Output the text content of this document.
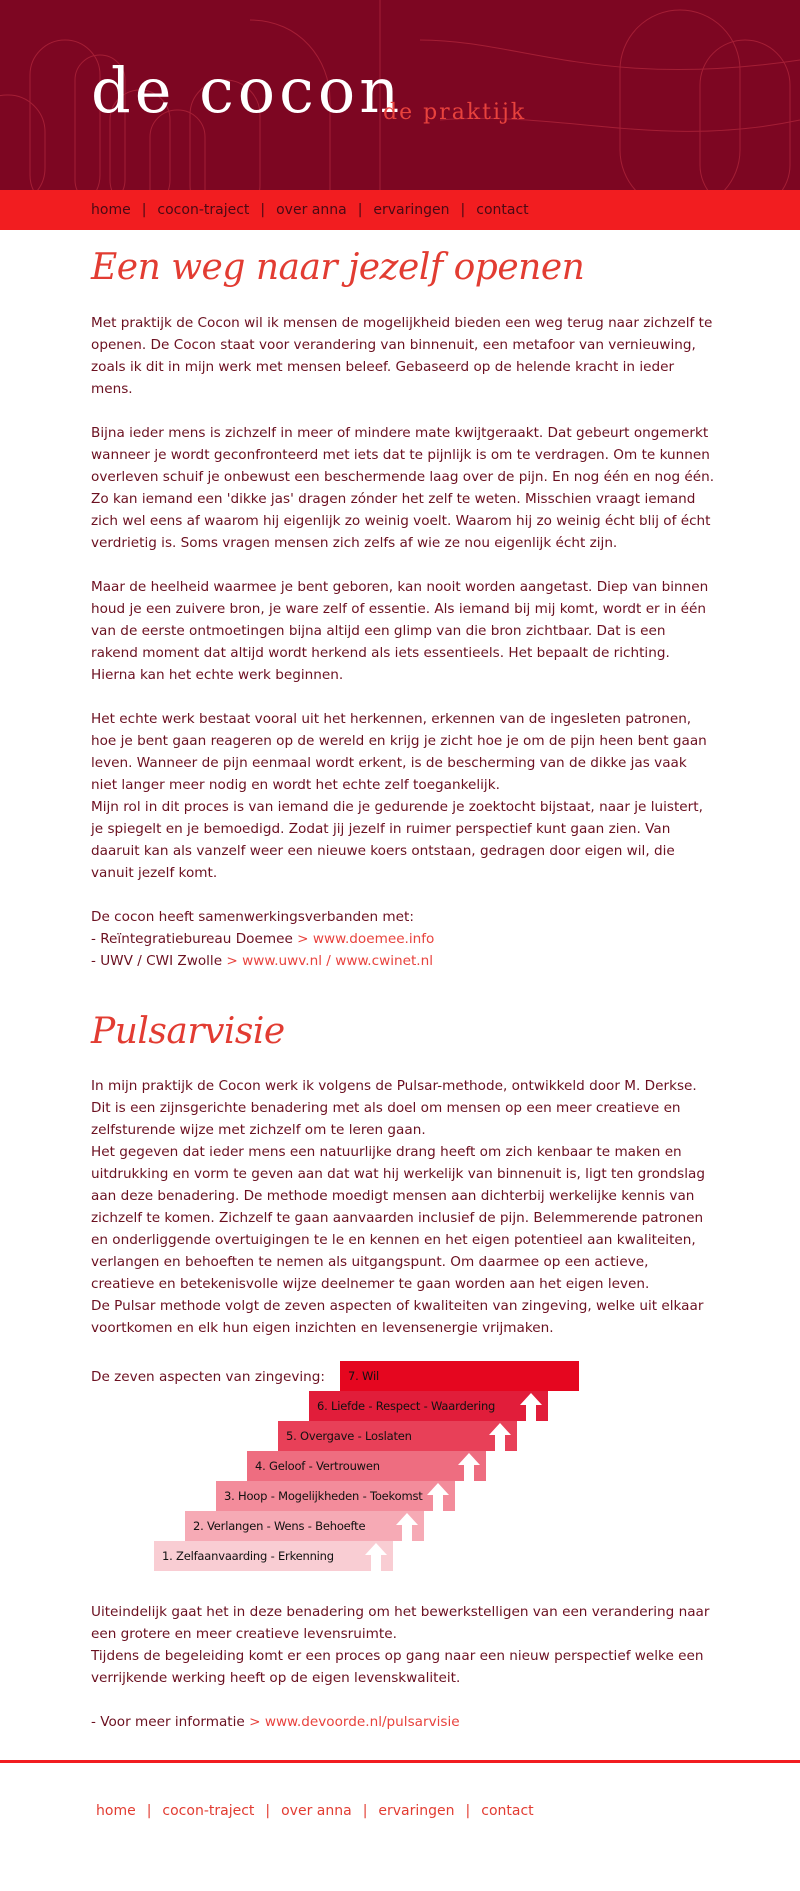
de cocon
de praktijk
home | cocon-traject | over anna | ervaringen | contact
Een weg naar jezelf openen

Met praktijk de Cocon wil ik mensen de mogelijkheid bieden een weg terug naar zichzelf te openen. De Cocon staat voor verandering van binnenuit, een metafoor van vernieuwing, zoals ik dit in mijn werk met mensen beleef. Gebaseerd op de helende kracht in ieder mens.

Bijna ieder mens is zichzelf in meer of mindere mate kwijtgeraakt. Dat gebeurt ongemerkt wanneer je wordt geconfronteerd met iets dat te pijnlijk is om te verdragen. Om te kunnen overleven schuif je onbewust een beschermende laag over de pijn. En nog één en nog één. Zo kan iemand een 'dikke jas' dragen zónder het zelf te weten. Misschien vraagt iemand zich wel eens af waarom hij eigenlijk zo weinig voelt. Waarom hij zo weinig écht blij of écht verdrietig is. Soms vragen mensen zich zelfs af wie ze nou eigenlijk écht zijn.

Maar de heelheid waarmee je bent geboren, kan nooit worden aangetast. Diep van binnen houd je een zuivere bron, je ware zelf of essentie. Als iemand bij mij komt, wordt er in één van de eerste ontmoetingen bijna altijd een glimp van die bron zichtbaar. Dat is een rakend moment dat altijd wordt herkend als iets essentieels. Het bepaalt de richting. Hierna kan het echte werk beginnen.

Het echte werk bestaat vooral uit het herkennen, erkennen van de ingesleten patronen, hoe je bent gaan reageren op de wereld en krijg je zicht hoe je om de pijn heen bent gaan leven. Wanneer de pijn eenmaal wordt erkent, is de bescherming van de dikke jas vaak niet langer meer nodig en wordt het echte zelf toegankelijk.
Mijn rol in dit proces is van iemand die je gedurende je zoektocht bijstaat, naar je luistert, je spiegelt en je bemoedigd. Zodat jij jezelf in ruimer perspectief kunt gaan zien. Van daaruit kan als vanzelf weer een nieuwe koers ontstaan, gedragen door eigen wil, die vanuit jezelf komt.

De cocon heeft samenwerkingsverbanden met:
- Reïntegratiebureau Doemee > www.doemee.info
- UWV / CWI Zwolle > www.uwv.nl / www.cwinet.nl

Pulsarvisie

In mijn praktijk de Cocon werk ik volgens de Pulsar-methode, ontwikkeld door M. Derkse. Dit is een zijnsgerichte benadering met als doel om mensen op een meer creatieve en zelfsturende wijze met zichzelf om te leren gaan.
Het gegeven dat ieder mens een natuurlijke drang heeft om zich kenbaar te maken en uitdrukking en vorm te geven aan dat wat hij werkelijk van binnenuit is, ligt ten grondslag aan deze benadering. De methode moedigt mensen aan dichterbij werkelijke kennis van zichzelf te komen. Zichzelf te gaan aanvaarden inclusief de pijn. Belemmerende patronen en onderliggende overtuigingen te le en kennen en het eigen potentieel aan kwaliteiten, verlangen en behoeften te nemen als uitgangspunt. Om daarmee op een actieve, creatieve en betekenisvolle wijze deelnemer te gaan worden aan het eigen leven.
De Pulsar methode volgt de zeven aspecten of kwaliteiten van zingeving, welke uit elkaar voortkomen en elk hun eigen inzichten en levensenergie vrijmaken.

De zeven aspecten van zingeving:	7. Wil
6. Liefde - Respect - Waardering
5. Overgave - Loslaten
4. Geloof - Vertrouwen
3. Hoop - Mogelijkheden - Toekomst
2. Verlangen - Wens - Behoefte
1. Zelfaanvaarding - Erkenning

Uiteindelijk gaat het in deze benadering om het bewerkstelligen van een verandering naar een grotere en meer creatieve levensruimte.
Tijdens de begeleiding komt er een proces op gang naar een nieuw perspectief welke een verrijkende werking heeft op de eigen levenskwaliteit.

- Voor meer informatie > www.devoorde.nl/pulsarvisie

home | cocon-traject | over anna | ervaringen | contact
